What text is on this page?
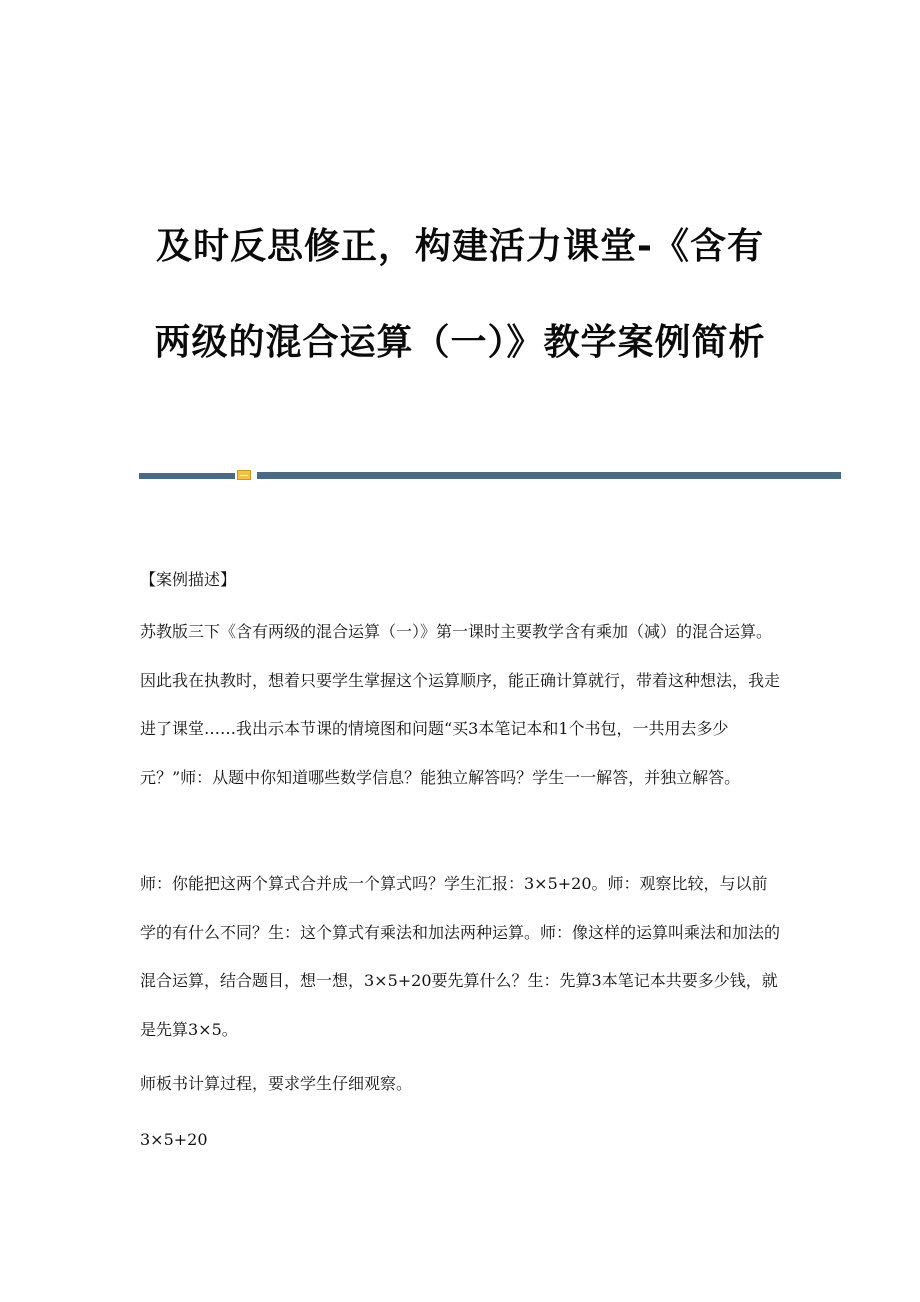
及时反思修正，构建活力课堂-《含有
两级的混合运算（一）》教学案例简析
【案例描述】
苏教版三下《含有两级的混合运算（一）》第一课时主要教学含有乘加（减）的混合运算。因此我在执教时，想着只要学生掌握这个运算顺序，能正确计算就行，带着这种想法，我走进了课堂……我出示本节课的情境图和问题“买3本笔记本和1个书包，一共用去多少元？”师：从题中你知道哪些数学信息？能独立解答吗？学生一一解答，并独立解答。
师：你能把这两个算式合并成一个算式吗？学生汇报：3×5+20。师：观察比较，与以前学的有什么不同？生：这个算式有乘法和加法两种运算。师：像这样的运算叫乘法和加法的混合运算，结合题目，想一想，3×5+20要先算什么？生：先算3本笔记本共要多少钱，就是先算3×5。
师板书计算过程，要求学生仔细观察。
3×5+20
